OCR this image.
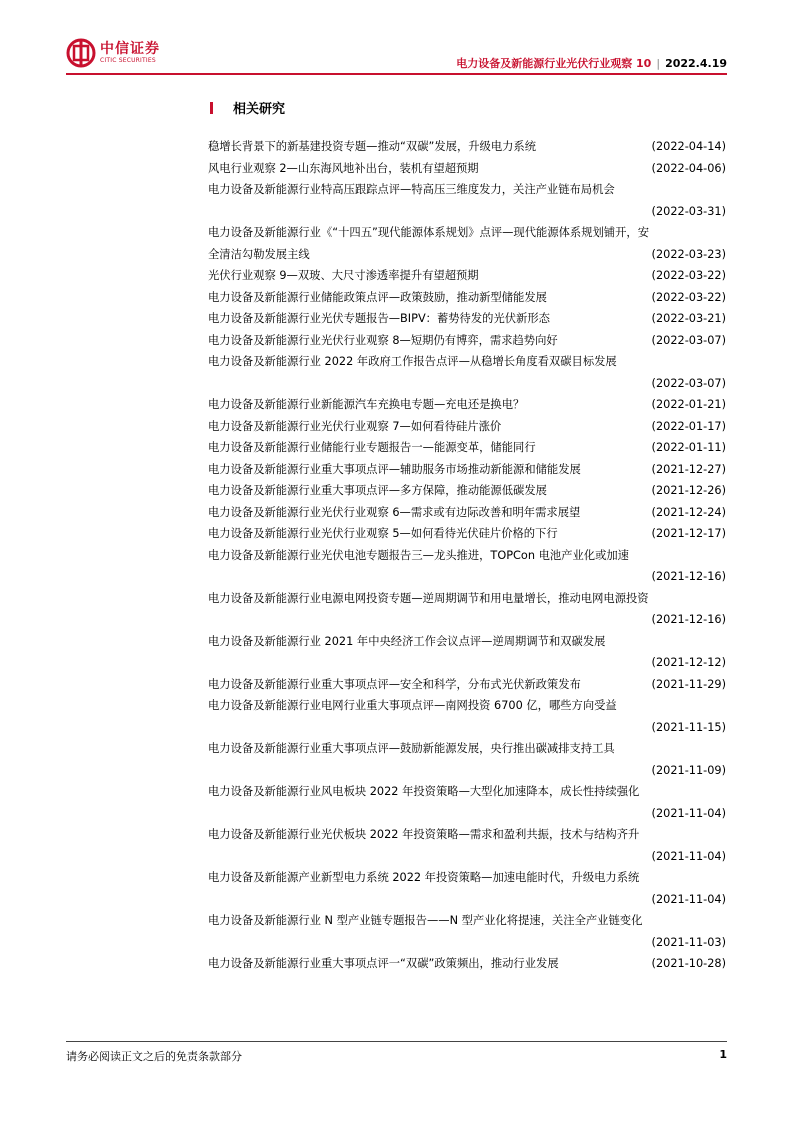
中信证券
CITIC SECURITIES	电力设备及新能源行业光伏行业观察 10 | 2022.4.19
相关研究
稳增长背景下的新基建投资专题—推动“双碳”发展，升级电力系统	(2022-04-14)
风电行业观察 2—山东海风地补出台，装机有望超预期	(2022-04-06)
电力设备及新能源行业特高压跟踪点评—特高压三维度发力，关注产业链布局机会
(2022-03-31)
电力设备及新能源行业《“十四五”现代能源体系规划》点评—现代能源体系规划铺开，安
全清洁勾勒发展主线	(2022-03-23)
光伏行业观察 9—双玻、大尺寸渗透率提升有望超预期	(2022-03-22)
电力设备及新能源行业储能政策点评—政策鼓励，推动新型储能发展	(2022-03-22)
电力设备及新能源行业光伏专题报告—BIPV：蓄势待发的光伏新形态	(2022-03-21)
电力设备及新能源行业光伏行业观察 8—短期仍有博弈，需求趋势向好	(2022-03-07)
电力设备及新能源行业 2022 年政府工作报告点评—从稳增长角度看双碳目标发展
(2022-03-07)
电力设备及新能源行业新能源汽车充换电专题—充电还是换电？	(2022-01-21)
电力设备及新能源行业光伏行业观察 7—如何看待硅片涨价	(2022-01-17)
电力设备及新能源行业储能行业专题报告一—能源变革，储能同行	(2022-01-11)
电力设备及新能源行业重大事项点评—辅助服务市场推动新能源和储能发展	(2021-12-27)
电力设备及新能源行业重大事项点评—多方保障，推动能源低碳发展	(2021-12-26)
电力设备及新能源行业光伏行业观察 6—需求或有边际改善和明年需求展望	(2021-12-24)
电力设备及新能源行业光伏行业观察 5—如何看待光伏硅片价格的下行	(2021-12-17)
电力设备及新能源行业光伏电池专题报告三—龙头推进，TOPCon 电池产业化或加速
(2021-12-16)
电力设备及新能源行业电源电网投资专题—逆周期调节和用电量增长，推动电网电源投资
(2021-12-16)
电力设备及新能源行业 2021 年中央经济工作会议点评—逆周期调节和双碳发展
(2021-12-12)
电力设备及新能源行业重大事项点评—安全和科学，分布式光伏新政策发布	(2021-11-29)
电力设备及新能源行业电网行业重大事项点评—南网投资 6700 亿，哪些方向受益
(2021-11-15)
电力设备及新能源行业重大事项点评—鼓励新能源发展，央行推出碳减排支持工具
(2021-11-09)
电力设备及新能源行业风电板块 2022 年投资策略—大型化加速降本，成长性持续强化
(2021-11-04)
电力设备及新能源行业光伏板块 2022 年投资策略—需求和盈利共振，技术与结构齐升
(2021-11-04)
电力设备及新能源产业新型电力系统 2022 年投资策略—加速电能时代，升级电力系统
(2021-11-04)
电力设备及新能源行业 N 型产业链专题报告——N 型产业化将提速，关注全产业链变化
(2021-11-03)
电力设备及新能源行业重大事项点评一“双碳”政策频出，推动行业发展	(2021-10-28)
请务必阅读正文之后的免责条款部分	1
